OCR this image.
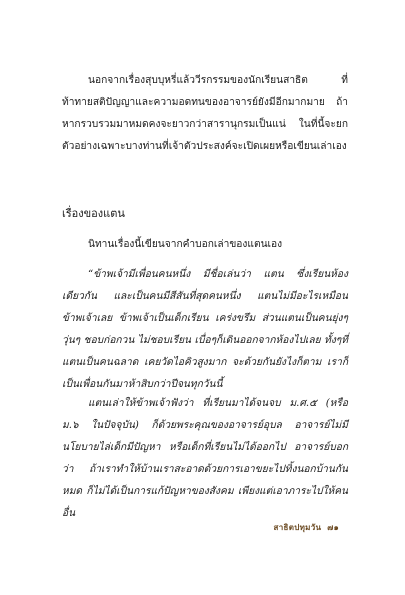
นอกจากเรื่องสุบบุหรี่แล้ววีรกรรมของนักเรียนสาธิต ที่ท้าทายสติปัญญาและความอดทนของอาจารย์ยังมีอีกมากมาย ถ้าหากรวบรวมมาหมดคงจะยาวกว่าสารานุกรมเป็นแน่ ในที่นี้จะยกตัวอย่างเฉพาะบางท่านที่เจ้าตัวประสงค์จะเปิดเผยหรือเขียนเล่าเอง

เรื่องของแตน

นิทานเรื่องนี้เขียนจากคำบอกเล่าของแตนเอง

“ข้าพเจ้ามีเพื่อนคนหนึ่ง มีชื่อเล่นว่า แตน ซึ่งเรียนห้องเดียวกัน และเป็นคนมีสีสันที่สุดคนหนึ่ง แตนไม่มีอะไรเหมือนข้าพเจ้าเลย ข้าพเจ้าเป็นเด็กเรียน เคร่งขรึม ส่วนแตนเป็นคนยุ่งๆวุ่นๆ ชอบก่อกวน ไม่ชอบเรียน เบื่อๆก็เดินออกจากห้องไปเลย ทั้งๆที่แตนเป็นคนฉลาด เคยวัดไอคิวสูงมาก จะด้วยกันยังไงก็ตาม เราก็เป็นเพื่อนกันมาห้าสิบกว่าปีจนทุกวันนี้

แตนเล่าให้ข้าพเจ้าฟังว่า ที่เรียนมาได้จนจบ ม.ศ.๕ (หรือ ม.๖ ในปัจจุบัน) ก็ด้วยพระคุณของอาจารย์อุบล อาจารย์ไม่มีนโยบายไล่เด็กมีปัญหา หรือเด็กที่เรียนไม่ได้ออกไป อาจารย์บอกว่า ถ้าเราทำให้บ้านเราสะอาดด้วยการเอาขยะไปทิ้งนอกบ้านกันหมด ก็ไม่ได้เป็นการแก้ปัญหาของสังคม เพียงแต่เอาภาระไปให้คนอื่น

สาธิตปทุมวัน ๗๑
